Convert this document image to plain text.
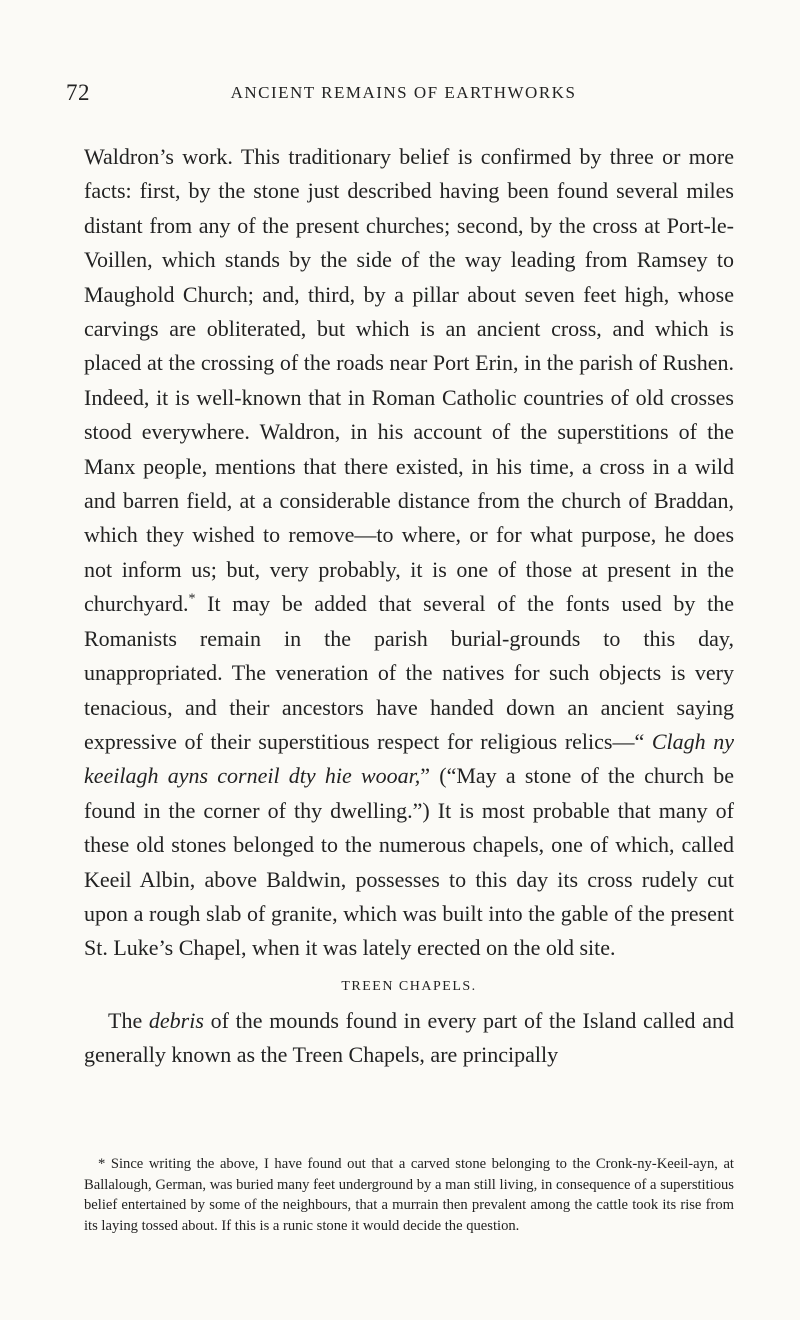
72	ANCIENT REMAINS OF EARTHWORKS

Waldron’s work. This traditionary belief is confirmed by three or more facts: first, by the stone just described having been found several miles distant from any of the present churches; second, by the cross at Port-le-Voillen, which stands by the side of the way leading from Ramsey to Maughold Church; and, third, by a pillar about seven feet high, whose carvings are obliterated, but which is an ancient cross, and which is placed at the crossing of the roads near Port Erin, in the parish of Rushen. Indeed, it is well-known that in Roman Catholic countries of old crosses stood everywhere. Waldron, in his account of the superstitions of the Manx people, mentions that there existed, in his time, a cross in a wild and barren field, at a considerable distance from the church of Braddan, which they wished to remove—to where, or for what purpose, he does not inform us; but, very probably, it is one of those at present in the churchyard.* It may be added that several of the fonts used by the Romanists remain in the parish burial-grounds to this day, unappropriated. The veneration of the natives for such objects is very tenacious, and their ancestors have handed down an ancient saying expressive of their superstitious respect for religious relics—“ Clagh ny keeilagh ayns corneil dty hie wooar,” (“May a stone of the church be found in the corner of thy dwelling.”) It is most probable that many of these old stones belonged to the numerous chapels, one of which, called Keeil Albin, above Baldwin, possesses to this day its cross rudely cut upon a rough slab of granite, which was built into the gable of the present St. Luke’s Chapel, when it was lately erected on the old site.

TREEN CHAPELS.

The debris of the mounds found in every part of the Island called and generally known as the Treen Chapels, are principally

* Since writing the above, I have found out that a carved stone belonging to the Cronk-ny-Keeil-ayn, at Ballalough, German, was buried many feet underground by a man still living, in consequence of a superstitious belief entertained by some of the neighbours, that a murrain then prevalent among the cattle took its rise from its laying tossed about. If this is a runic stone it would decide the question.
